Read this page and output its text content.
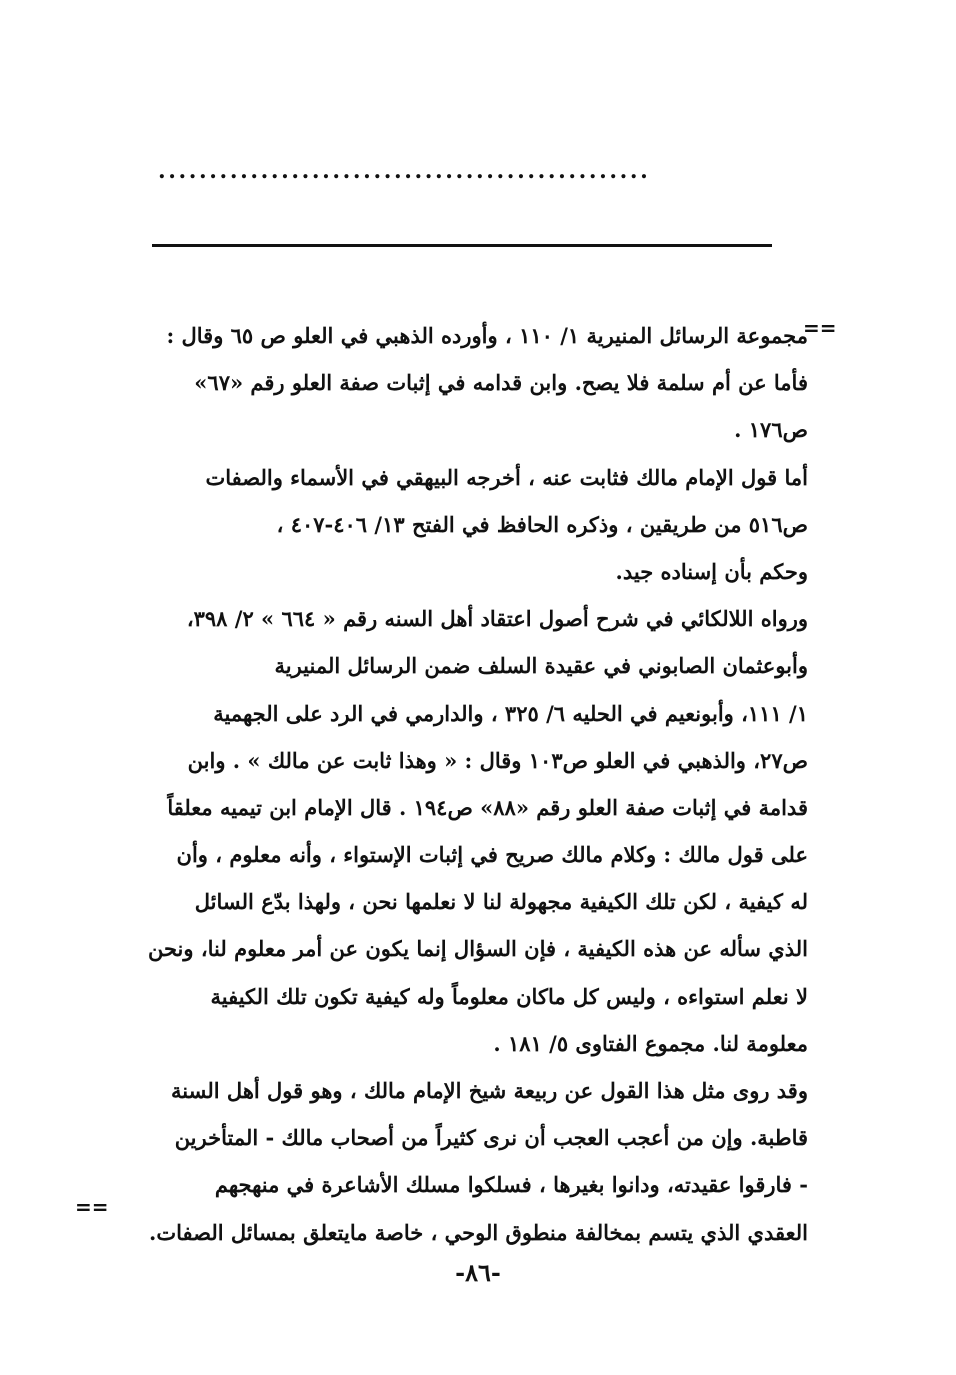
................................................
==
مجموعة الرسائل المنيرية ١/ ١١٠ ، وأورده الذهبي في العلو ص ٦٥ وقال :
فأما عن أم سلمة فلا يصح. وابن قدامه في إثبات صفة العلو رقم «٦٧»
ص١٧٦ .
أما قول الإمام مالك فثابت عنه ، أخرجه البيهقي في الأسماء والصفات
ص٥١٦ من طريقين ، وذكره الحافظ في الفتح ١٣/ ٤٠٦-٤٠٧ ،
وحكم بأن إسناده جيد.
ورواه اللالكائي في شرح أصول اعتقاد أهل السنه رقم « ٦٦٤ » ٢/ ٣٩٨،
وأبوعثمان الصابوني في عقيدة السلف ضمن الرسائل المنيرية
١/ ١١١، وأبونعيم في الحليه ٦/ ٣٢٥ ، والدارمي في الرد على الجهمية
ص٢٧، والذهبي في العلو ص١٠٣ وقال : « وهذا ثابت عن مالك » . وابن
قدامة في إثبات صفة العلو رقم «٨٨» ص١٩٤ . قال الإمام ابن تيميه معلقاً
على قول مالك : وكلام مالك صريح في إثبات الإستواء ، وأنه معلوم ، وأن
له كيفية ، لكن تلك الكيفية مجهولة لنا لا نعلمها نحن ، ولهذا بدّع السائل
الذي سأله عن هذه الكيفية ، فإن السؤال إنما يكون عن أمر معلوم لنا، ونحن
لا نعلم استواءه ، وليس كل ماكان معلوماً وله كيفية تكون تلك الكيفية
معلومة لنا. مجموع الفتاوى ٥/ ١٨١ .
وقد روى مثل هذا القول عن ربيعة شيخ الإمام مالك ، وهو قول أهل السنة
قاطبة. وإن من أعجب العجب أن نرى كثيراً من أصحاب مالك - المتأخرين
- فارقوا عقيدته، ودانوا بغيرها ، فسلكوا مسلك الأشاعرة في منهجهم
العقدي الذي يتسم بمخالفة منطوق الوحي ، خاصة مايتعلق بمسائل الصفات.
==
-٨٦-
